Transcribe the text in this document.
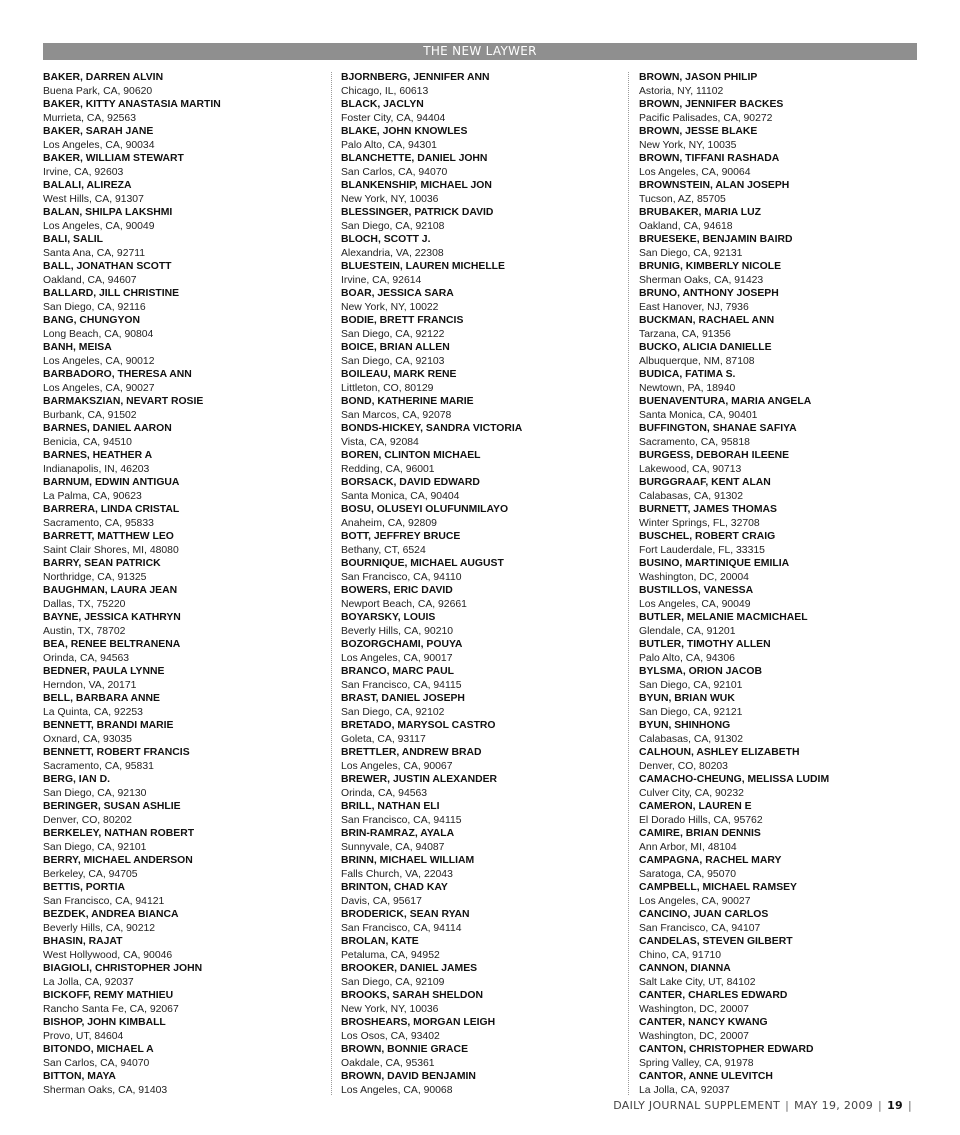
THE NEW LAYWER
BAKER, DARREN ALVIN
Buena Park, CA, 90620
BAKER, KITTY ANASTASIA MARTIN
Murrieta, CA, 92563
BAKER, SARAH JANE
Los Angeles, CA, 90034
BAKER, WILLIAM STEWART
Irvine, CA, 92603
BALALI, ALIREZA
West Hills, CA, 91307
BALAN, SHILPA LAKSHMI
Los Angeles, CA, 90049
BALI, SALIL
Santa Ana, CA, 92711
BALL, JONATHAN SCOTT
Oakland, CA, 94607
BALLARD, JILL CHRISTINE
San Diego, CA, 92116
BANG, CHUNGYON
Long Beach, CA, 90804
BANH, MEISA
Los Angeles, CA, 90012
BARBADORO, THERESA ANN
Los Angeles, CA, 90027
BARMAKSZIAN, NEVART ROSIE
Burbank, CA, 91502
BARNES, DANIEL AARON
Benicia, CA, 94510
BARNES, HEATHER A
Indianapolis, IN, 46203
BARNUM, EDWIN ANTIGUA
La Palma, CA, 90623
BARRERA, LINDA CRISTAL
Sacramento, CA, 95833
BARRETT, MATTHEW LEO
Saint Clair Shores, MI, 48080
BARRY, SEAN PATRICK
Northridge, CA, 91325
BAUGHMAN, LAURA JEAN
Dallas, TX, 75220
BAYNE, JESSICA KATHRYN
Austin, TX, 78702
BEA, RENEE BELTRANENA
Orinda, CA, 94563
BEDNER, PAULA LYNNE
Herndon, VA, 20171
BELL, BARBARA ANNE
La Quinta, CA, 92253
BENNETT, BRANDI MARIE
Oxnard, CA, 93035
BENNETT, ROBERT FRANCIS
Sacramento, CA, 95831
BERG, IAN D.
San Diego, CA, 92130
BERINGER, SUSAN ASHLIE
Denver, CO, 80202
BERKELEY, NATHAN ROBERT
San Diego, CA, 92101
BERRY, MICHAEL ANDERSON
Berkeley, CA, 94705
BETTIS, PORTIA
San Francisco, CA, 94121
BEZDEK, ANDREA BIANCA
Beverly Hills, CA, 90212
BHASIN, RAJAT
West Hollywood, CA, 90046
BIAGIOLI, CHRISTOPHER JOHN
La Jolla, CA, 92037
BICKOFF, REMY MATHIEU
Rancho Santa Fe, CA, 92067
BISHOP, JOHN KIMBALL
Provo, UT, 84604
BITONDO, MICHAEL A
San Carlos, CA, 94070
BITTON, MAYA
Sherman Oaks, CA, 91403
BJORNBERG, JENNIFER ANN
Chicago, IL, 60613
BLACK, JACLYN
Foster City, CA, 94404
BLAKE, JOHN KNOWLES
Palo Alto, CA, 94301
BLANCHETTE, DANIEL JOHN
San Carlos, CA, 94070
BLANKENSHIP, MICHAEL JON
New York, NY, 10036
BLESSINGER, PATRICK DAVID
San Diego, CA, 92108
BLOCH, SCOTT J.
Alexandria, VA, 22308
BLUESTEIN, LAUREN MICHELLE
Irvine, CA, 92614
BOAR, JESSICA SARA
New York, NY, 10022
BODIE, BRETT FRANCIS
San Diego, CA, 92122
BOICE, BRIAN ALLEN
San Diego, CA, 92103
BOILEAU, MARK RENE
Littleton, CO, 80129
BOND, KATHERINE MARIE
San Marcos, CA, 92078
BONDS-HICKEY, SANDRA VICTORIA
Vista, CA, 92084
BOREN, CLINTON MICHAEL
Redding, CA, 96001
BORSACK, DAVID EDWARD
Santa Monica, CA, 90404
BOSU, OLUSEYI OLUFUNMILAYO
Anaheim, CA, 92809
BOTT, JEFFREY BRUCE
Bethany, CT, 6524
BOURNIQUE, MICHAEL AUGUST
San Francisco, CA, 94110
BOWERS, ERIC DAVID
Newport Beach, CA, 92661
BOYARSKY, LOUIS
Beverly Hills, CA, 90210
BOZORGCHAMI, POUYA
Los Angeles, CA, 90017
BRANCO, MARC PAUL
San Francisco, CA, 94115
BRAST, DANIEL JOSEPH
San Diego, CA, 92102
BRETADO, MARYSOL CASTRO
Goleta, CA, 93117
BRETTLER, ANDREW BRAD
Los Angeles, CA, 90067
BREWER, JUSTIN ALEXANDER
Orinda, CA, 94563
BRILL, NATHAN ELI
San Francisco, CA, 94115
BRIN-RAMRAZ, AYALA
Sunnyvale, CA, 94087
BRINN, MICHAEL WILLIAM
Falls Church, VA, 22043
BRINTON, CHAD KAY
Davis, CA, 95617
BRODERICK, SEAN RYAN
San Francisco, CA, 94114
BROLAN, KATE
Petaluma, CA, 94952
BROOKER, DANIEL JAMES
San Diego, CA, 92109
BROOKS, SARAH SHELDON
New York, NY, 10036
BROSHEARS, MORGAN LEIGH
Los Osos, CA, 93402
BROWN, BONNIE GRACE
Oakdale, CA, 95361
BROWN, DAVID BENJAMIN
Los Angeles, CA, 90068
BROWN, JASON PHILIP
Astoria, NY, 11102
BROWN, JENNIFER BACKES
Pacific Palisades, CA, 90272
BROWN, JESSE BLAKE
New York, NY, 10035
BROWN, TIFFANI RASHADA
Los Angeles, CA, 90064
BROWNSTEIN, ALAN JOSEPH
Tucson, AZ, 85705
BRUBAKER, MARIA LUZ
Oakland, CA, 94618
BRUESEKE, BENJAMIN BAIRD
San Diego, CA, 92131
BRUNIG, KIMBERLY NICOLE
Sherman Oaks, CA, 91423
BRUNO, ANTHONY JOSEPH
East Hanover, NJ, 7936
BUCKMAN, RACHAEL ANN
Tarzana, CA, 91356
BUCKO, ALICIA DANIELLE
Albuquerque, NM, 87108
BUDICA, FATIMA S.
Newtown, PA, 18940
BUENAVENTURA, MARIA ANGELA
Santa Monica, CA, 90401
BUFFINGTON, SHANAE SAFIYA
Sacramento, CA, 95818
BURGESS, DEBORAH ILEENE
Lakewood, CA, 90713
BURGGRAAF, KENT ALAN
Calabasas, CA, 91302
BURNETT, JAMES THOMAS
Winter Springs, FL, 32708
BUSCHEL, ROBERT CRAIG
Fort Lauderdale, FL, 33315
BUSINO, MARTINIQUE EMILIA
Washington, DC, 20004
BUSTILLOS, VANESSA
Los Angeles, CA, 90049
BUTLER, MELANIE MACMICHAEL
Glendale, CA, 91201
BUTLER, TIMOTHY ALLEN
Palo Alto, CA, 94306
BYLSMA, ORION JACOB
San Diego, CA, 92101
BYUN, BRIAN WUK
San Diego, CA, 92121
BYUN, SHINHONG
Calabasas, CA, 91302
CALHOUN, ASHLEY ELIZABETH
Denver, CO, 80203
CAMACHO-CHEUNG, MELISSA LUDIM
Culver City, CA, 90232
CAMERON, LAUREN E
El Dorado Hills, CA, 95762
CAMIRE, BRIAN DENNIS
Ann Arbor, MI, 48104
CAMPAGNA, RACHEL MARY
Saratoga, CA, 95070
CAMPBELL, MICHAEL RAMSEY
Los Angeles, CA, 90027
CANCINO, JUAN CARLOS
San Francisco, CA, 94107
CANDELAS, STEVEN GILBERT
Chino, CA, 91710
CANNON, DIANNA
Salt Lake City, UT, 84102
CANTER, CHARLES EDWARD
Washington, DC, 20007
CANTER, NANCY KWANG
Washington, DC, 20007
CANTON, CHRISTOPHER EDWARD
Spring Valley, CA, 91978
CANTOR, ANNE ULEVITCH
La Jolla, CA, 92037
DAILY JOURNAL SUPPLEMENT | MAY 19, 2009 | 19 |
